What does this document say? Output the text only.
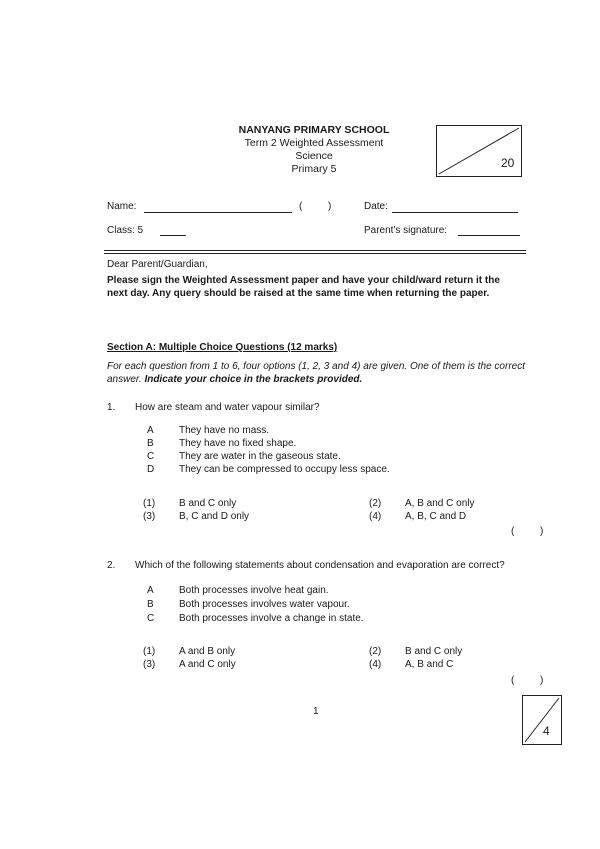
NANYANG PRIMARY SCHOOL
Term 2 Weighted Assessment
Science
Primary 5	20
Name:	(	)	Date:
Class: 5	Parent's signature:
Dear Parent/Guardian,
Please sign the Weighted Assessment paper and have your child/ward return it the next day. Any query should be raised at the same time when returning the paper.
Section A: Multiple Choice Questions (12 marks)
For each question from 1 to 6, four options (1, 2, 3 and 4) are given. One of them is the correct answer. Indicate your choice in the brackets provided.
1. How are steam and water vapour similar?
A	They have no mass.
B	They have no fixed shape.
C	They are water in the gaseous state.
D	They can be compressed to occupy less space.
(1) B and C only	(2) A, B and C only
(3) B, C and D only	(4) A, B, C and D
(	)
2. Which of the following statements about condensation and evaporation are correct?
A	Both processes involve heat gain.
B	Both processes involves water vapour.
C	Both processes involve a change in state.
(1) A and B only	(2) B and C only
(3) A and C only	(4) A, B and C
(	)
1
4
